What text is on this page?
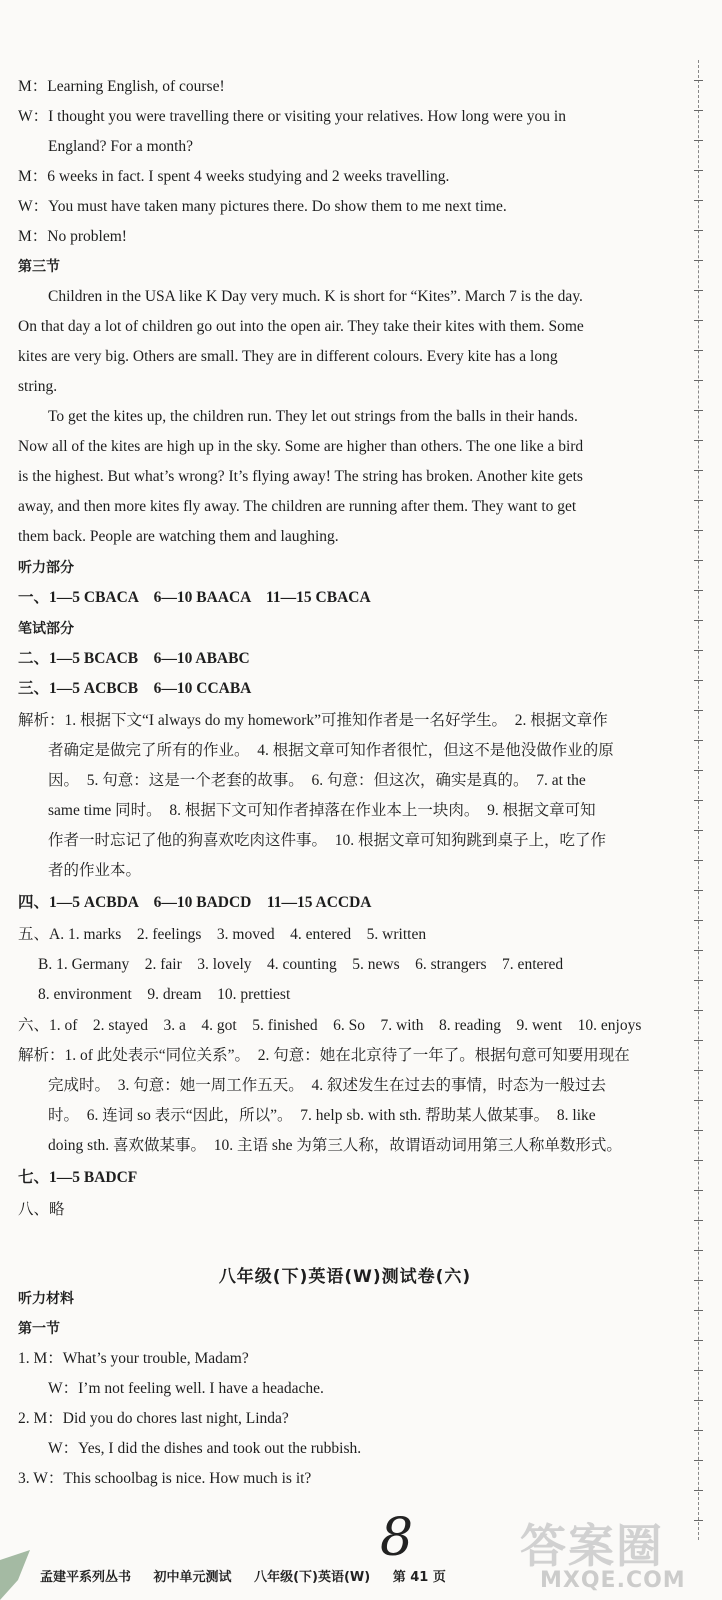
M：Learning English, of course!
W：I thought you were travelling there or visiting your relatives. How long were you in
England? For a month?
M：6 weeks in fact. I spent 4 weeks studying and 2 weeks travelling.
W：You must have taken many pictures there. Do show them to me next time.
M：No problem!
第三节
Children in the USA like K Day very much. K is short for “Kites”. March 7 is the day.
On that day a lot of children go out into the open air. They take their kites with them. Some
kites are very big. Others are small. They are in different colours. Every kite has a long
string.
To get the kites up, the children run. They let out strings from the balls in their hands.
Now all of the kites are high up in the sky. Some are higher than others. The one like a bird
is the highest. But what’s wrong? It’s flying away! The string has broken. Another kite gets
away, and then more kites fly away. The children are running after them. They want to get
them back. People are watching them and laughing.
听力部分
一、1—5 CBACA　6—10 BAACA　11—15 CBACA
笔试部分
二、1—5 BCACB　6—10 ABABC
三、1—5 ACBCB　6—10 CCABA
解析：1. 根据下文“I always do my homework”可推知作者是一名好学生。　2. 根据文章作
者确定是做完了所有的作业。　4. 根据文章可知作者很忙，但这不是他没做作业的原
因。　5. 句意：这是一个老套的故事。　6. 句意：但这次，确实是真的。　7. at the
same time 同时。　8. 根据下文可知作者掉落在作业本上一块肉。　9. 根据文章可知
作者一时忘记了他的狗喜欢吃肉这件事。　10. 根据文章可知狗跳到桌子上，吃了作
者的作业本。
四、1—5 ACBDA　6—10 BADCD　11—15 ACCDA
五、A. 1. marks　2. feelings　3. moved　4. entered　5. written
B. 1. Germany　2. fair　3. lovely　4. counting　5. news　6. strangers　7. entered
8. environment　9. dream　10. prettiest
六、1. of　2. stayed　3. a　4. got　5. finished　6. So　7. with　8. reading　9. went　10. enjoys
解析：1. of 此处表示“同位关系”。　2. 句意：她在北京待了一年了。根据句意可知要用现在
完成时。　3. 句意：她一周工作五天。　4. 叙述发生在过去的事情，时态为一般过去
时。　6. 连词 so 表示“因此，所以”。　7. help sb. with sth. 帮助某人做某事。　8. like
doing sth. 喜欢做某事。　10. 主语 she 为第三人称，故谓语动词用第三人称单数形式。
七、1—5 BADCF
八、略
八年级(下)英语(W)测试卷(六)
听力材料
第一节
1. M：What’s your trouble, Madam?
W：I’m not feeling well. I have a headache.
2. M：Did you do chores last night, Linda?
W：Yes, I did the dishes and took out the rubbish.
3. W：This schoolbag is nice. How much is it?
8 答案圈
MXQE.COM
孟建平系列丛书 初中单元测试 八年级(下)英语(W) 第 41 页
